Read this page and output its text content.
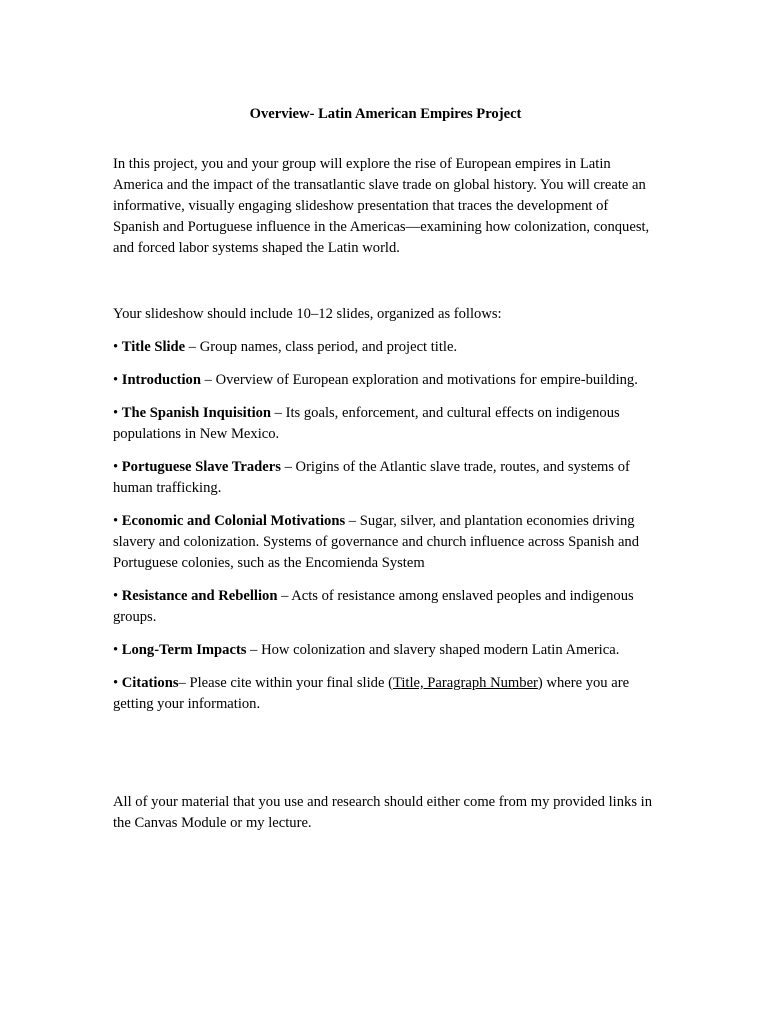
Overview- Latin American Empires Project

In this project, you and your group will explore the rise of European empires in Latin America and the impact of the transatlantic slave trade on global history. You will create an informative, visually engaging slideshow presentation that traces the development of Spanish and Portuguese influence in the Americas—examining how colonization, conquest, and forced labor systems shaped the Latin world.

Your slideshow should include 10–12 slides, organized as follows:

• Title Slide – Group names, class period, and project title.

• Introduction – Overview of European exploration and motivations for empire-building.

• The Spanish Inquisition – Its goals, enforcement, and cultural effects on indigenous populations in New Mexico.

• Portuguese Slave Traders – Origins of the Atlantic slave trade, routes, and systems of human trafficking.

• Economic and Colonial Motivations – Sugar, silver, and plantation economies driving slavery and colonization. Systems of governance and church influence across Spanish and Portuguese colonies, such as the Encomienda System

• Resistance and Rebellion – Acts of resistance among enslaved peoples and indigenous groups.

• Long-Term Impacts – How colonization and slavery shaped modern Latin America.

• Citations– Please cite within your final slide (Title, Paragraph Number) where you are getting your information.

All of your material that you use and research should either come from my provided links in the Canvas Module or my lecture.
